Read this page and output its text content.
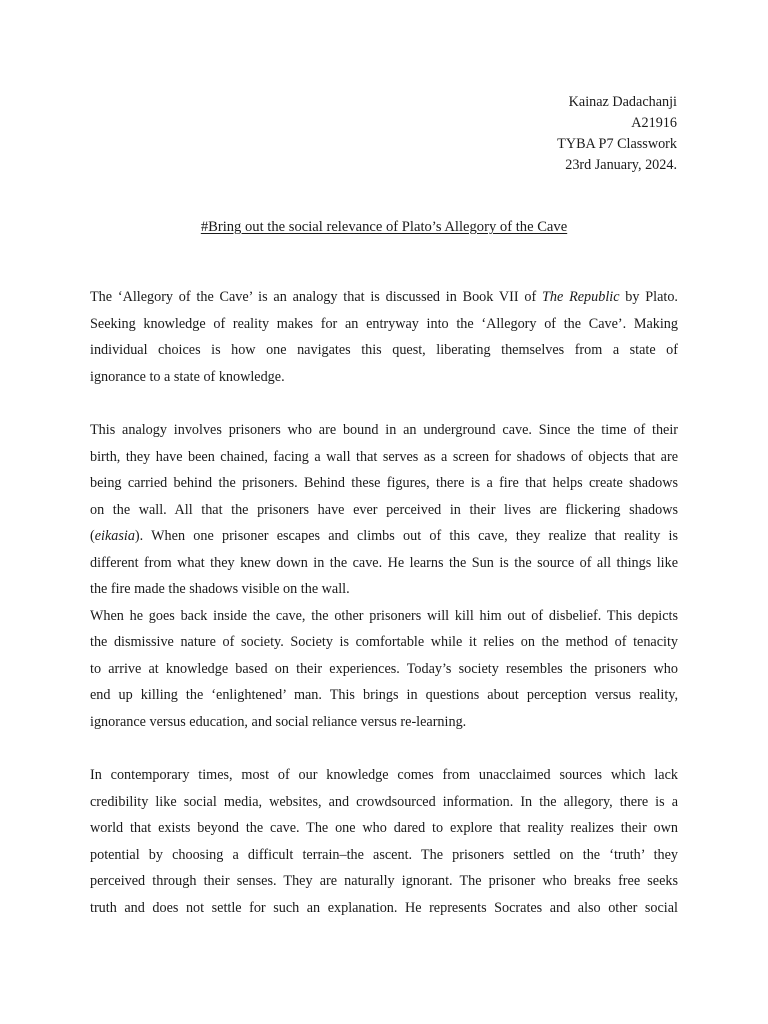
Kainaz Dadachanji
A21916
TYBA P7 Classwork
23rd January, 2024.
#Bring out the social relevance of Plato’s Allegory of the Cave

The ‘Allegory of the Cave’ is an analogy that is discussed in Book VII of The Republic by Plato.
Seeking knowledge of reality makes for an entryway into the ‘Allegory of the Cave’. Making
individual choices is how one navigates this quest, liberating themselves from a state of
ignorance to a state of knowledge.

This analogy involves prisoners who are bound in an underground cave. Since the time of their
birth, they have been chained, facing a wall that serves as a screen for shadows of objects that are
being carried behind the prisoners. Behind these figures, there is a fire that helps create shadows
on the wall. All that the prisoners have ever perceived in their lives are flickering shadows
(eikasia). When one prisoner escapes and climbs out of this cave, they realize that reality is
different from what they knew down in the cave. He learns the Sun is the source of all things like
the fire made the shadows visible on the wall.

When he goes back inside the cave, the other prisoners will kill him out of disbelief. This depicts
the dismissive nature of society. Society is comfortable while it relies on the method of tenacity
to arrive at knowledge based on their experiences. Today’s society resembles the prisoners who
end up killing the ‘enlightened’ man. This brings in questions about perception versus reality,
ignorance versus education, and social reliance versus re-learning.

In contemporary times, most of our knowledge comes from unacclaimed sources which lack
credibility like social media, websites, and crowdsourced information. In the allegory, there is a
world that exists beyond the cave. The one who dared to explore that reality realizes their own
potential by choosing a difficult terrain–the ascent. The prisoners settled on the ‘truth’ they
perceived through their senses. They are naturally ignorant. The prisoner who breaks free seeks
truth and does not settle for such an explanation. He represents Socrates and also other social
